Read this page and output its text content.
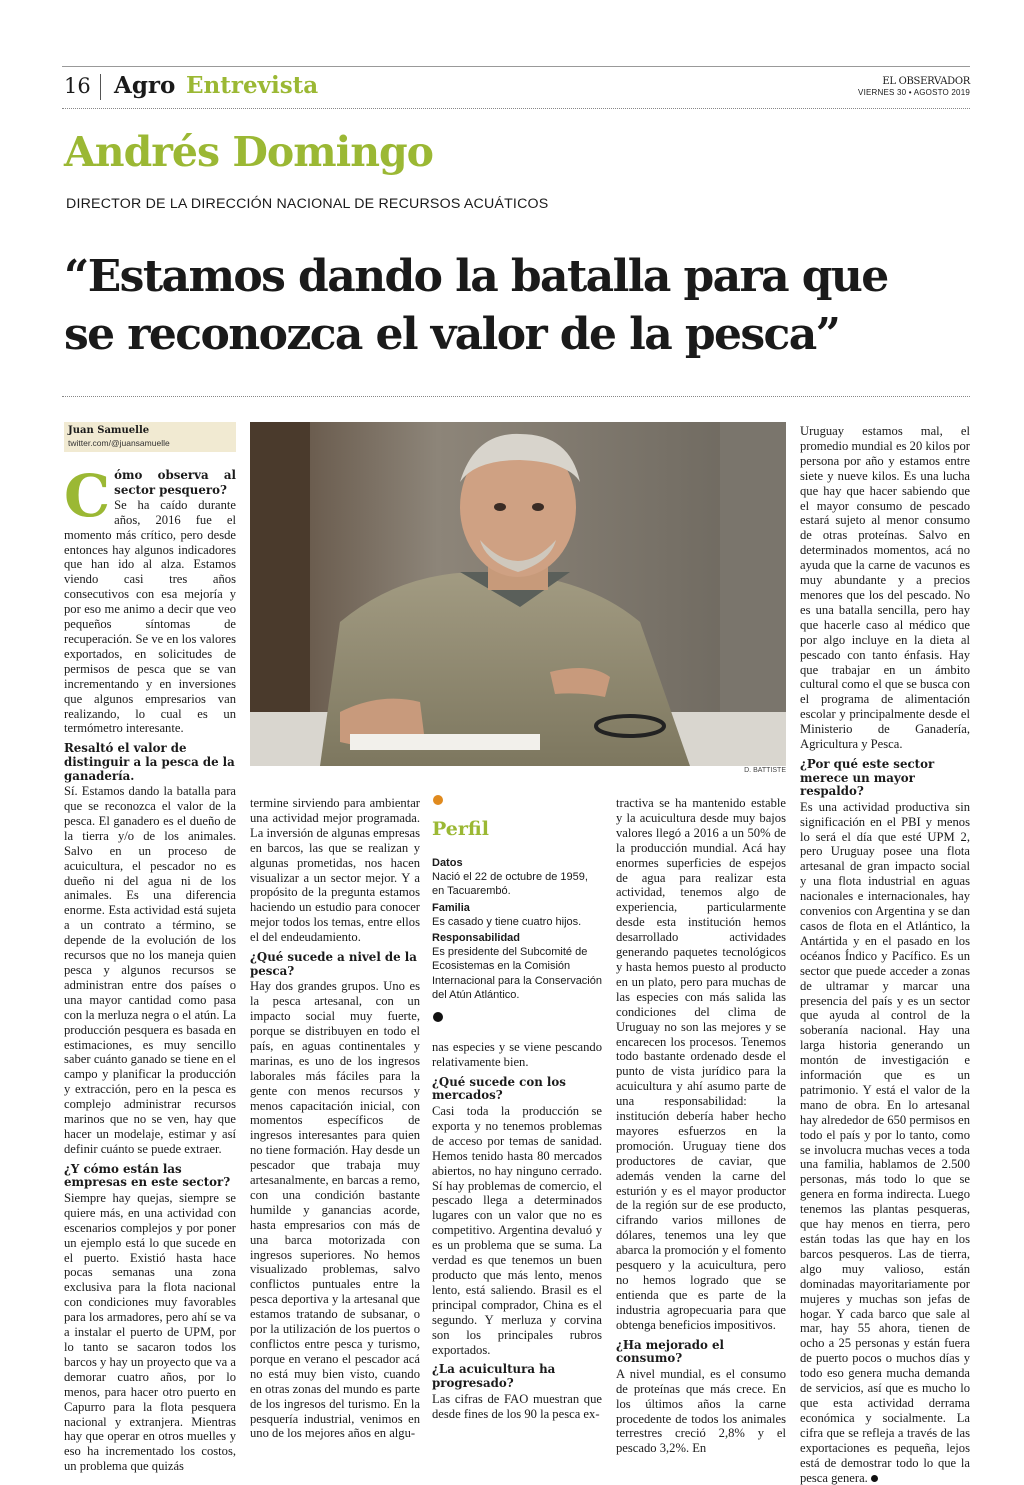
16 Agro Entrevista	EL OBSERVADOR
VIERNES 30 • AGOSTO 2019
Andrés Domingo
DIRECTOR DE LA DIRECCIÓN NACIONAL DE RECURSOS ACUÁTICOS
“Estamos dando la batalla para que
se reconozca el valor de la pesca”
Juan Samuelle
twitter.com/@juansamuelle
D. BATTISTE
C ómo observa al sector pesquero?
Se ha caído durante años, 2016 fue el momento más crítico, pero desde entonces hay algunos indicadores que han ido al alza. Estamos viendo casi tres años consecutivos con esa mejoría y por eso me animo a decir que veo pequeños síntomas de recuperación. Se ve en los valores exportados, en solicitudes de permisos de pesca que se van incrementando y en inversiones que algunos empresarios van realizando, lo cual es un termómetro interesante.

Resaltó el valor de distinguir a la pesca de la ganadería.

Sí. Estamos dando la batalla para que se reconozca el valor de la pesca. El ganadero es el dueño de la tierra y/o de los animales. Salvo en un proceso de acuicultura, el pescador no es dueño ni del agua ni de los animales. Es una diferencia enorme. Esta actividad está sujeta a un contrato a término, se depende de la evolución de los recursos que no los maneja quien pesca y algunos recursos se administran entre dos países o una mayor cantidad como pasa con la merluza negra o el atún. La producción pesquera es basada en estimaciones, es muy sencillo saber cuánto ganado se tiene en el campo y planificar la producción y extracción, pero en la pesca es complejo administrar recursos marinos que no se ven, hay que hacer un modelaje, estimar y así definir cuánto se puede extraer.

¿Y cómo están las empresas en este sector?

Siempre hay quejas, siempre se quiere más, en una actividad con escenarios complejos y por poner un ejemplo está lo que sucede en el puerto. Existió hasta hace pocas semanas una zona exclusiva para la flota nacional con condiciones muy favorables para los armadores, pero ahí se va a instalar el puerto de UPM, por lo tanto se sacaron todos los barcos y hay un proyecto que va a demorar cuatro años, por lo menos, para hacer otro puerto en Capurro para la flota pesquera nacional y extranjera. Mientras hay que operar en otros muelles y eso ha incrementado los costos, un problema que quizás

termine sirviendo para ambientar una actividad mejor programada. La inversión de algunas empresas en barcos, las que se realizan y algunas prometidas, nos hacen visualizar a un sector mejor. Y a propósito de la pregunta estamos haciendo un estudio para conocer mejor todos los temas, entre ellos el del endeudamiento.

¿Qué sucede a nivel de la pesca?

Hay dos grandes grupos. Uno es la pesca artesanal, con un impacto social muy fuerte, porque se distribuyen en todo el país, en aguas continentales y marinas, es uno de los ingresos laborales más fáciles para la gente con menos recursos y menos capacitación inicial, con momentos específicos de ingresos interesantes para quien no tiene formación. Hay desde un pescador que trabaja muy artesanalmente, en barcas a remo, con una condición bastante humilde y ganancias acorde, hasta empresarios con más de una barca motorizada con ingresos superiores. No hemos visualizado problemas, salvo conflictos puntuales entre la pesca deportiva y la artesanal que estamos tratando de subsanar, o por la utilización de los puertos o conflictos entre pesca y turismo, porque en verano el pescador acá no está muy bien visto, cuando en otras zonas del mundo es parte de los ingresos del turismo. En la pesquería industrial, venimos en uno de los mejores años en algu-

Perfil
Datos
Nació el 22 de octubre de 1959, en Tacuarembó.
Familia
Es casado y tiene cuatro hijos.
Responsabilidad
Es presidente del Subcomité de Ecosistemas en la Comisión Internacional para la Conservación del Atún Atlántico.

nas especies y se viene pescando relativamente bien.

¿Qué sucede con los mercados?

Casi toda la producción se exporta y no tenemos problemas de acceso por temas de sanidad. Hemos tenido hasta 80 mercados abiertos, no hay ninguno cerrado. Sí hay problemas de comercio, el pescado llega a determinados lugares con un valor que no es competitivo. Argentina devaluó y es un problema que se suma. La verdad es que tenemos un buen producto que más lento, menos lento, está saliendo. Brasil es el principal comprador, China es el segundo. Y merluza y corvina son los principales rubros exportados.

¿La acuicultura ha progresado?

Las cifras de FAO muestran que desde fines de los 90 la pesca ex-

tractiva se ha mantenido estable y la acuicultura desde muy bajos valores llegó a 2016 a un 50% de la producción mundial. Acá hay enormes superficies de espejos de agua para realizar esta actividad, tenemos algo de experiencia, particularmente desde esta institución hemos desarrollado actividades generando paquetes tecnológicos y hasta hemos puesto al producto en un plato, pero para muchas de las especies con más salida las condiciones del clima de Uruguay no son las mejores y se encarecen los procesos. Tenemos todo bastante ordenado desde el punto de vista jurídico para la acuicultura y ahí asumo parte de una responsabilidad: la institución debería haber hecho mayores esfuerzos en la promoción. Uruguay tiene dos productores de caviar, que además venden la carne del esturión y es el mayor productor de la región sur de ese producto, cifrando varios millones de dólares, tenemos una ley que abarca la promoción y el fomento pesquero y la acuicultura, pero no hemos logrado que se entienda que es parte de la industria agropecuaria para que obtenga beneficios impositivos.

¿Ha mejorado el consumo?

A nivel mundial, es el consumo de proteínas que más crece. En los últimos años la carne procedente de todos los animales terrestres creció 2,8% y el pescado 3,2%. En

Uruguay estamos mal, el promedio mundial es 20 kilos por persona por año y estamos entre siete y nueve kilos. Es una lucha que hay que hacer sabiendo que el mayor consumo de pescado estará sujeto al menor consumo de otras proteínas. Salvo en determinados momentos, acá no ayuda que la carne de vacunos es muy abundante y a precios menores que los del pescado. No es una batalla sencilla, pero hay que hacerle caso al médico que por algo incluye en la dieta al pescado con tanto énfasis. Hay que trabajar en un ámbito cultural como el que se busca con el programa de alimentación escolar y principalmente desde el Ministerio de Ganadería, Agricultura y Pesca.

¿Por qué este sector merece un mayor respaldo?

Es una actividad productiva sin significación en el PBI y menos lo será el día que esté UPM 2, pero Uruguay posee una flota artesanal de gran impacto social y una flota industrial en aguas nacionales e internacionales, hay convenios con Argentina y se dan casos de flota en el Atlántico, la Antártida y en el pasado en los océanos Índico y Pacífico. Es un sector que puede acceder a zonas de ultramar y marcar una presencia del país y es un sector que ayuda al control de la soberanía nacional. Hay una larga historia generando un montón de investigación e información que es un patrimonio. Y está el valor de la mano de obra. En lo artesanal hay alrededor de 650 permisos en todo el país y por lo tanto, como se involucra muchas veces a toda una familia, hablamos de 2.500 personas, más todo lo que se genera en forma indirecta. Luego tenemos las plantas pesqueras, que hay menos en tierra, pero están todas las que hay en los barcos pesqueros. Las de tierra, algo muy valioso, están dominadas mayoritariamente por mujeres y muchas son jefas de hogar. Y cada barco que sale al mar, hay 55 ahora, tienen de ocho a 25 personas y están fuera de puerto pocos o muchos días y todo eso genera mucha demanda de servicios, así que es mucho lo que esta actividad derrama económica y socialmente. La cifra que se refleja a través de las exportaciones es pequeña, lejos está de demostrar todo lo que la pesca genera.
